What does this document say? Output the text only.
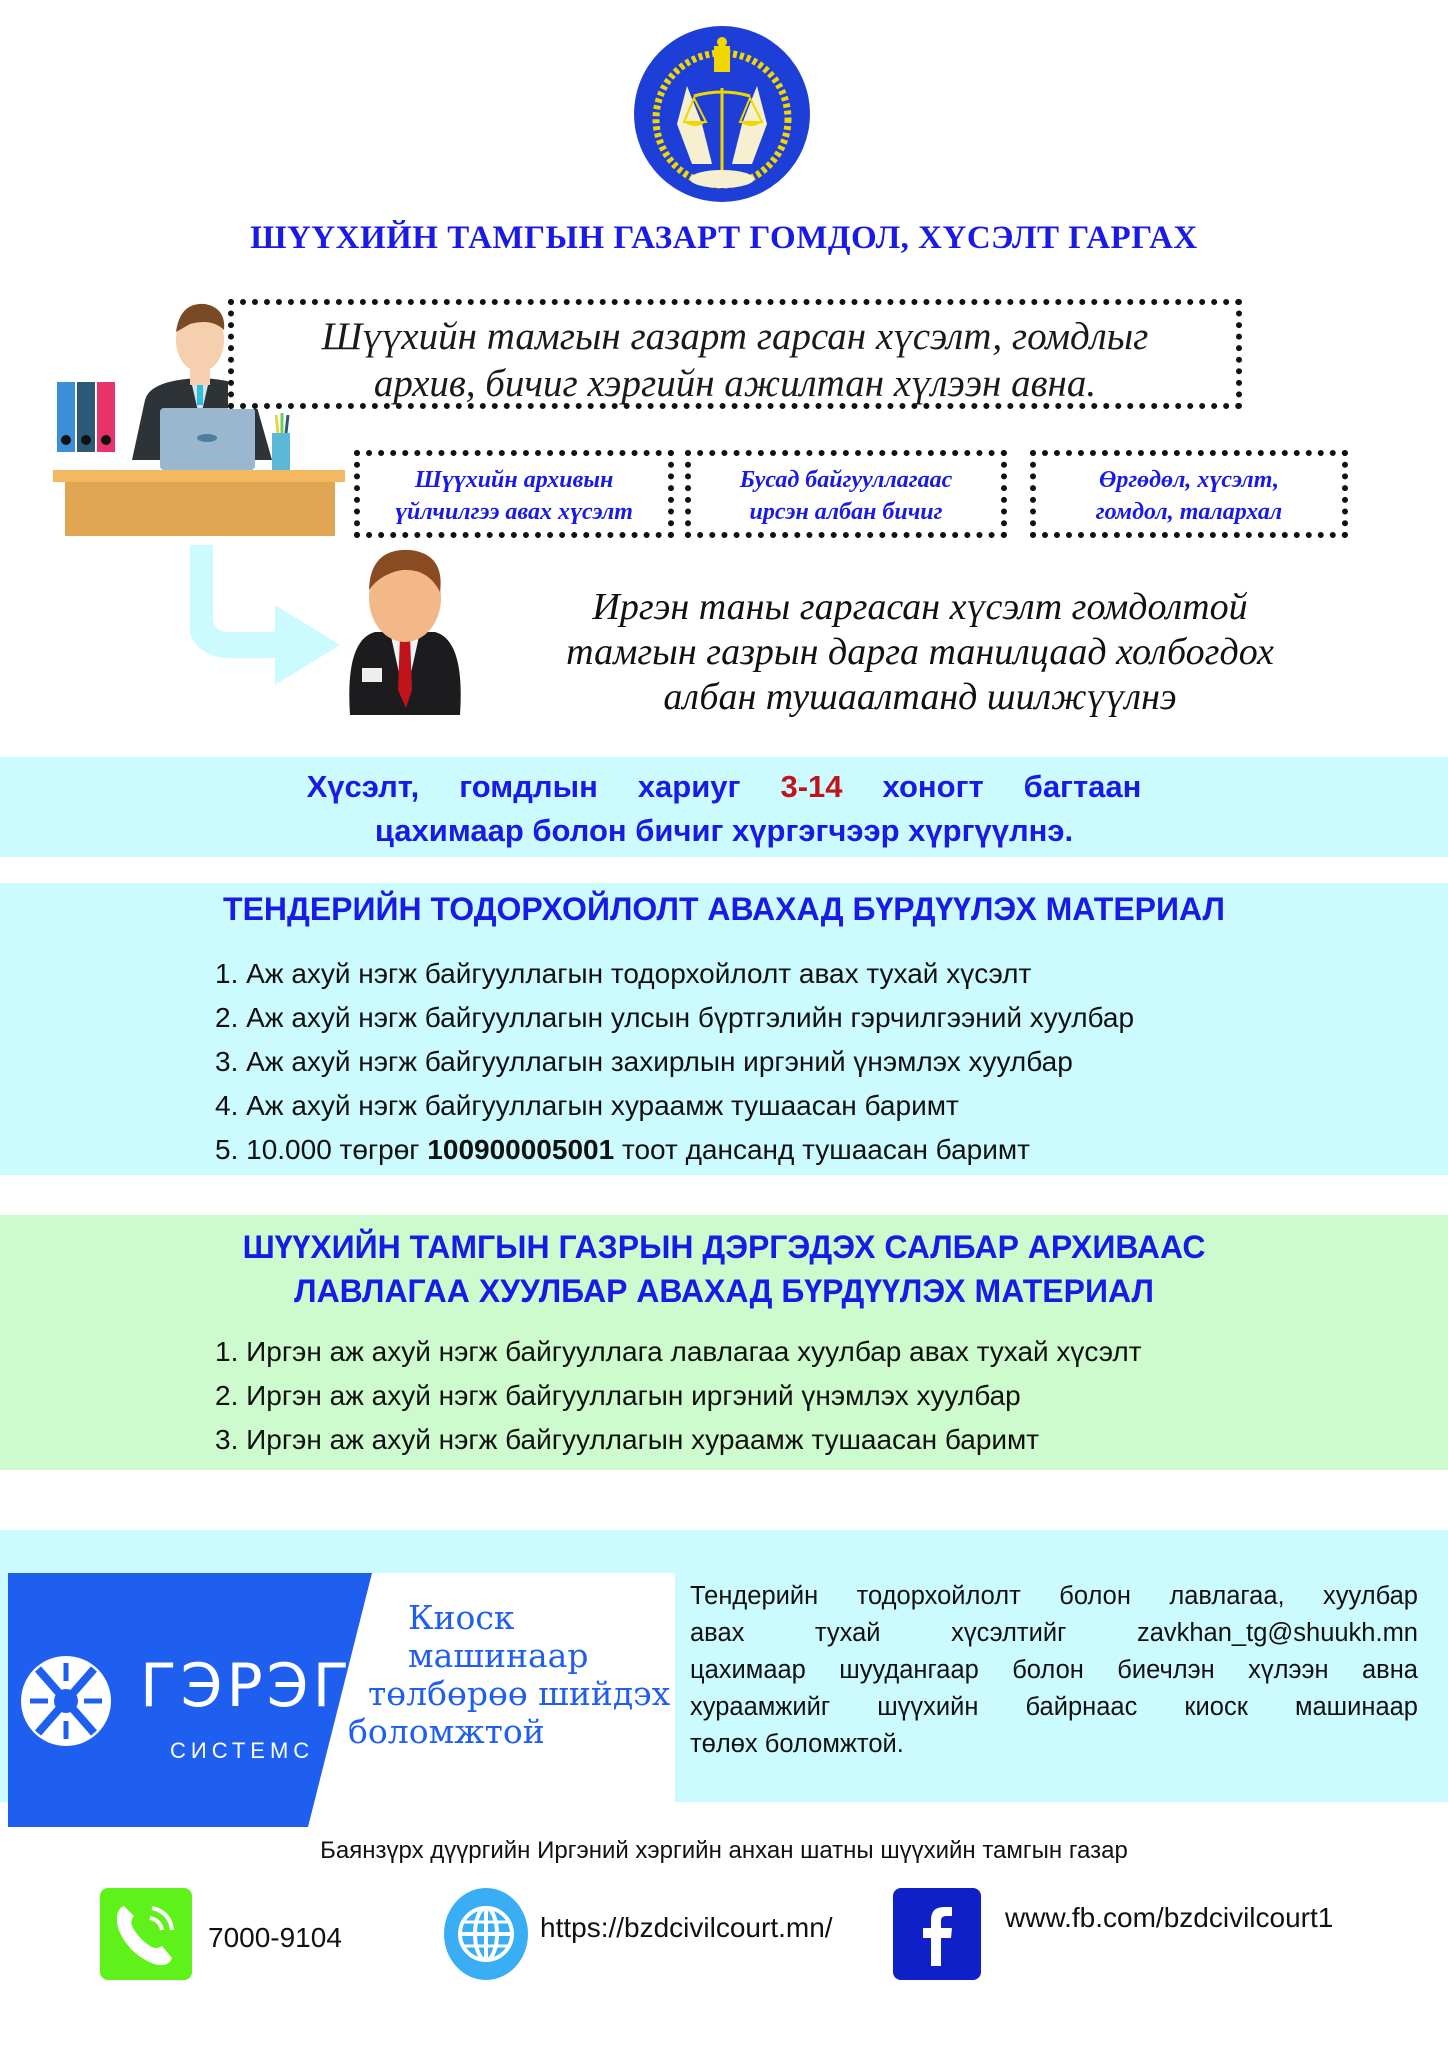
ШҮҮХИЙН ТАМГЫН ГАЗАРТ ГОМДОЛ, ХҮСЭЛТ ГАРГАХ
Шүүхийн тамгын газарт гарсан хүсэлт, гомдлыг
архив, бичиг хэргийн ажилтан хүлээн авна.
Шүүхийн архивын
үйлчилгээ авах хүсэлт
Бусад байгууллагаас
ирсэн албан бичиг
Өргөдөл, хүсэлт,
гомдол, талархал
Иргэн таны гаргасан хүсэлт гомдолтой
тамгын газрын дарга танилцаад холбогдох
албан тушаалтанд шилжүүлнэ
Хүсэлт, гомдлын хариуг 3-14 хоногт багтаан
цахимаар болон бичиг хүргэгчээр хүргүүлнэ.
ТЕНДЕРИЙН ТОДОРХОЙЛОЛТ АВАХАД БҮРДҮҮЛЭХ МАТЕРИАЛ
1. Аж ахуй нэгж байгууллагын тодорхойлолт авах тухай хүсэлт
2. Аж ахуй нэгж байгууллагын улсын бүртгэлийн гэрчилгээний хуулбар
3. Аж ахуй нэгж байгууллагын захирлын иргэний үнэмлэх хуулбар
4. Аж ахуй нэгж байгууллагын хураамж тушаасан баримт
5. 10.000 төгрөг 100900005001 тоот дансанд тушаасан баримт
ШҮҮХИЙН ТАМГЫН ГАЗРЫН ДЭРГЭДЭХ САЛБАР АРХИВААС
ЛАВЛАГАА ХУУЛБАР АВАХАД БҮРДҮҮЛЭХ МАТЕРИАЛ
1. Иргэн аж ахуй нэгж байгууллага лавлагаа хуулбар авах тухай хүсэлт
2. Иргэн аж ахуй нэгж байгууллагын иргэний үнэмлэх хуулбар
3. Иргэн аж ахуй нэгж байгууллагын хураамж тушаасан баримт
ГЭРЭГЭ
СИСТЕМС
Киоск машинаар
төлбөрөө шийдэх
боломжтой
Тендерийн тодорхойлолт болон лавлагаа, хуулбар
авах тухай хүсэлтийг zavkhan_tg@shuukh.mn
цахимаар шуудангаар болон биечлэн хүлээн авна
хураамжийг шүүхийн байрнаас киоск машинаар
төлөх боломжтой.
Баянзүрх дүүргийн Иргэний хэргийн анхан шатны шүүхийн тамгын газар
7000-9104	https://bzdcivilcourt.mn/	www.fb.com/bzdcivilcourt1
